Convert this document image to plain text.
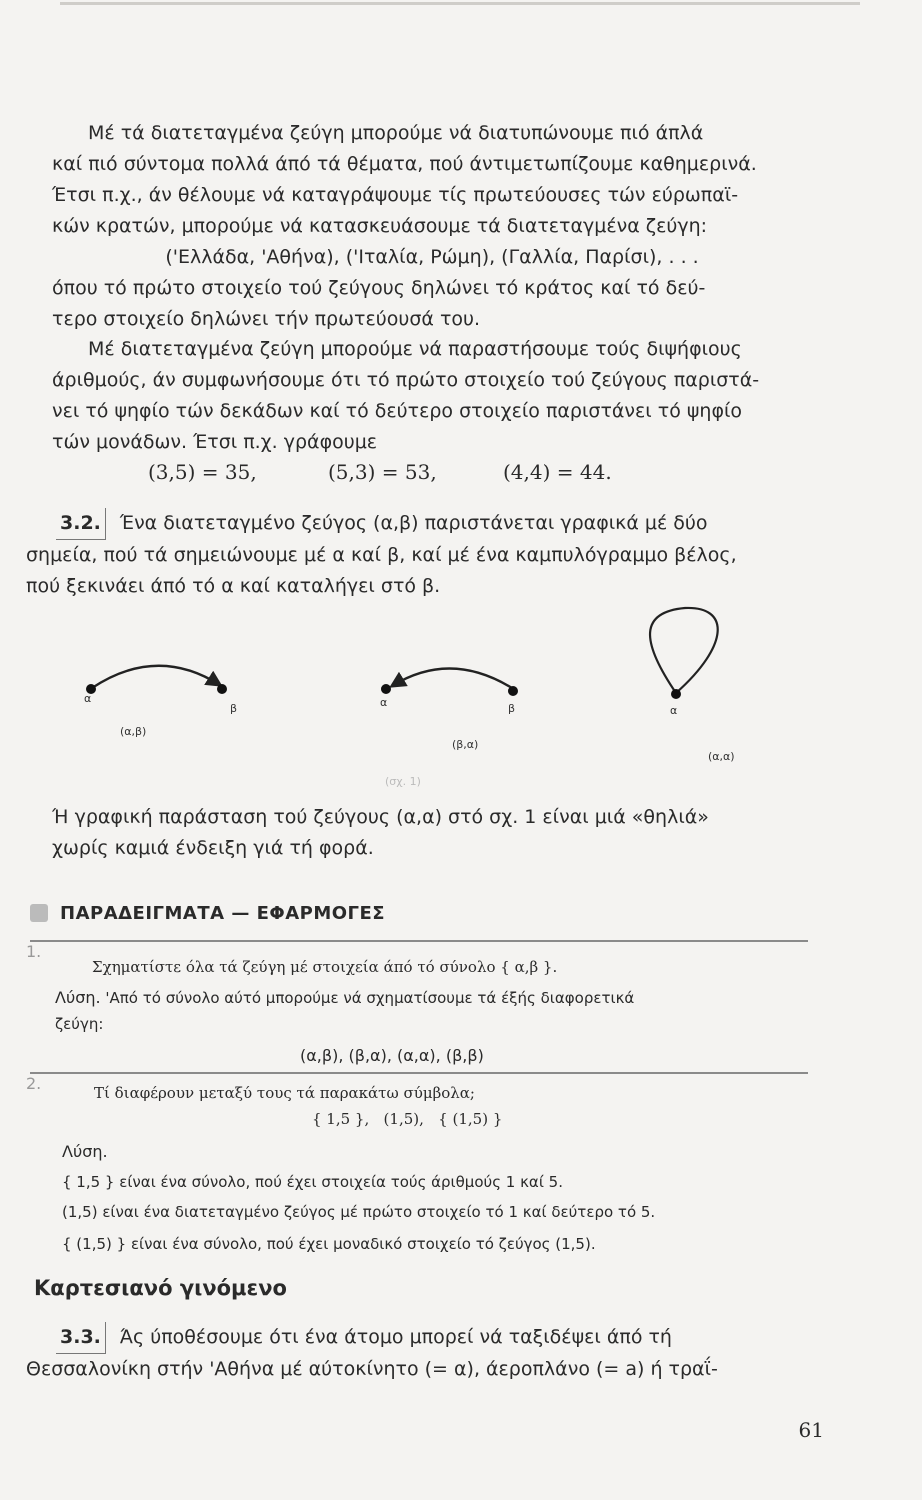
Μέ τά διατεταγμένα ζεύγη μπορούμε νά διατυπώνουμε πιό άπλά
καί πιό σύντομα πολλά άπό τά θέματα, πού άντιμετωπίζουμε καθημερινά.
Έτσι π.χ., άν θέλουμε νά καταγράψουμε τίς πρωτεύουσες τών εύρωπαϊ-
κών κρατών, μπορούμε νά κατασκευάσουμε τά διατεταγμένα ζεύγη:
('Ελλάδα, 'Αθήνα), ('Ιταλία, Ρώμη), (Γαλλία, Παρίσι), . . .
όπου τό πρώτο στοιχείο τού ζεύγους δηλώνει τό κράτος καί τό δεύ-
τερο στοιχείο δηλώνει τήν πρωτεύουσά του.
Μέ διατεταγμένα ζεύγη μπορούμε νά παραστήσουμε τούς διψήφιους
άριθμούς, άν συμφωνήσουμε ότι τό πρώτο στοιχείο τού ζεύγους παριστά-
νει τό ψηφίο τών δεκάδων καί τό δεύτερο στοιχείο παριστάνει τό ψηφίο
τών μονάδων. Έτσι π.χ. γράφουμε
(3,5) = 35,	(5,3) = 53,	(4,4) = 44.
3.2. Ένα διατεταγμένο ζεύγος (α,β) παριστάνεται γραφικά μέ δύο
σημεία, πού τά σημειώνουμε μέ α καί β, καί μέ ένα καμπυλόγραμμο βέλος,
πού ξεκινάει άπό τό α καί καταλήγει στό β.
α
β
(α,β)
α	β
(β,α)
(σχ. 1)
α
(α,α)
Ή γραφική παράσταση τού ζεύγους (α,α) στό σχ. 1 είναι μιά «θηλιά»
χωρίς καμιά ένδειξη γιά τή φορά.
ΠΑΡΑΔΕΙΓΜΑΤΑ — ΕΦΑΡΜΟΓΕΣ
1.
Σχηματίστε όλα τά ζεύγη μέ στοιχεία άπό τό σύνολο { α,β }.
Λύση. 'Από τό σύνολο αύτό μπορούμε νά σχηματίσουμε τά έξής διαφορετικά
ζεύγη:
(α,β), (β,α), (α,α), (β,β)
2.	Τί διαφέρουν μεταξύ τους τά παρακάτω σύμβολα;
{ 1,5 },   (1,5),   { (1,5) }
Λύση.
{ 1,5 } είναι ένα σύνολο, πού έχει στοιχεία τούς άριθμούς 1 καί 5.
(1,5) είναι ένα διατεταγμένο ζεύγος μέ πρώτο στοιχείο τό 1 καί δεύτερο τό 5.
{ (1,5) } είναι ένα σύνολο, πού έχει μοναδικό στοιχείο τό ζεύγος (1,5).
Καρτεσιανό γινόμενο
3.3. Άς ύποθέσουμε ότι ένα άτομο μπορεί νά ταξιδέψει άπό τή
Θεσσαλονίκη στήν 'Αθήνα μέ αύτοκίνητο (= α), άεροπλάνο (= a) ή τραΐ-
61
